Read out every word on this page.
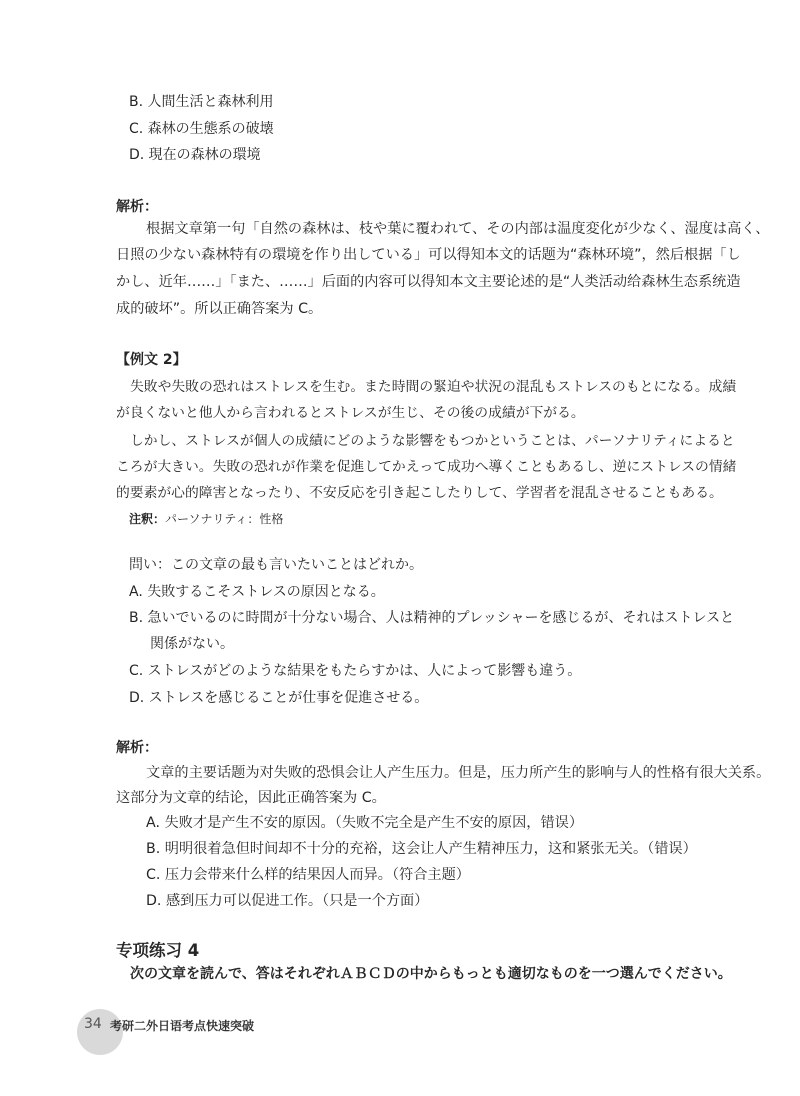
B. 人間生活と森林利用
C. 森林の生態系の破壊
D. 現在の森林の環境
解析：
根据文章第一句「自然の森林は、枝や葉に覆われて、その内部は温度変化が少なく、湿度は高く、
日照の少ない森林特有の環境を作り出している」可以得知本文的话题为“森林环境”，然后根据「し
かし、近年……」「また、……」后面的内容可以得知本文主要论述的是“人类活动给森林生态系统造
成的破坏”。所以正确答案为 C。
【例文 2】
失敗や失敗の恐れはストレスを生む。また時間の緊迫や状況の混乱もストレスのもとになる。成績
が良くないと他人から言われるとストレスが生じ、その後の成績が下がる。
しかし、ストレスが個人の成績にどのような影響をもつかということは、パーソナリティによると
ころが大きい。失敗の恐れが作業を促進してかえって成功へ導くこともあるし、逆にストレスの情緒
的要素が心的障害となったり、不安反応を引き起こしたりして、学習者を混乱させることもある。
注釈：パーソナリティ：性格
問い：この文章の最も言いたいことはどれか。
A. 失敗するこそストレスの原因となる。
B. 急いでいるのに時間が十分ない場合、人は精神的プレッシャーを感じるが、それはストレスと
関係がない。
C. ストレスがどのような結果をもたらすかは、人によって影響も違う。
D. ストレスを感じることが仕事を促進させる。
解析：
文章的主要话题为对失败的恐惧会让人产生压力。但是，压力所产生的影响与人的性格有很大关系。
这部分为文章的结论，因此正确答案为 C。
A. 失败才是产生不安的原因。（失败不完全是产生不安的原因，错误）
B. 明明很着急但时间却不十分的充裕，这会让人产生精神压力，这和紧张无关。（错误）
C. 压力会带来什么样的结果因人而异。（符合主题）
D. 感到压力可以促进工作。（只是一个方面）
专项练习 4
次の文章を読んで、答はそれぞれＡＢＣＤの中からもっとも適切なものを一つ選んでください。
34 考研二外日语考点快速突破
